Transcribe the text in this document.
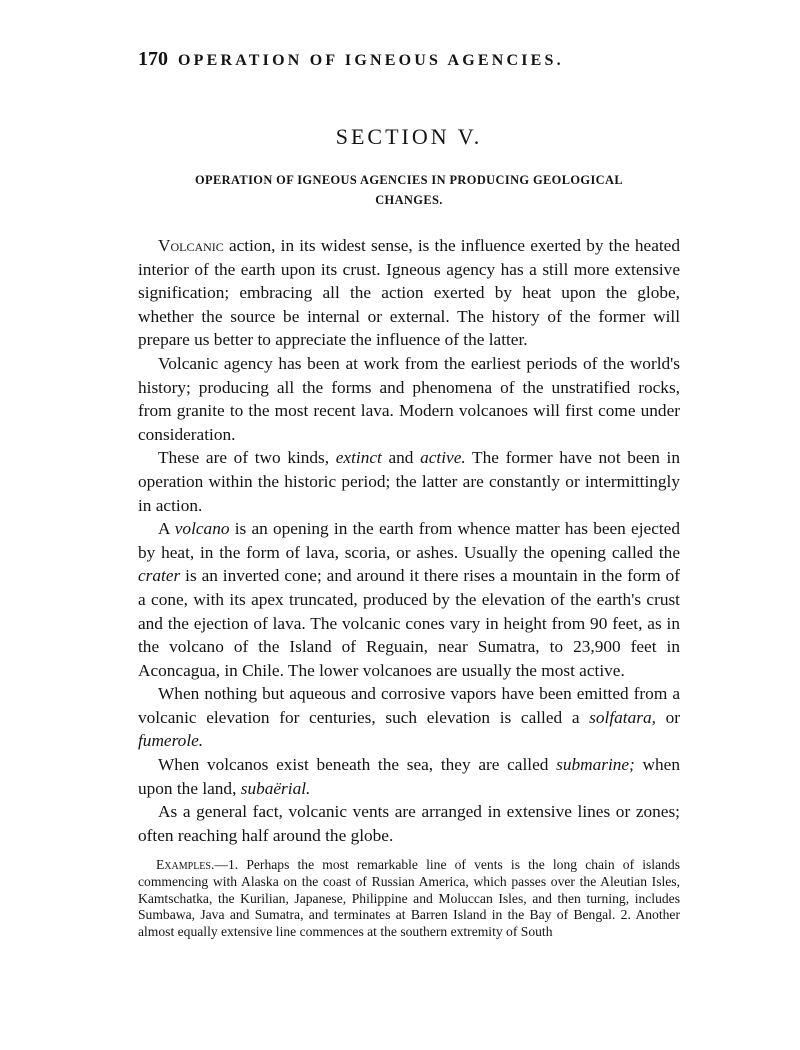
170 OPERATION OF IGNEOUS AGENCIES.
SECTION V.
OPERATION OF IGNEOUS AGENCIES IN PRODUCING GEOLOGICAL
CHANGES.

Volcanic action, in its widest sense, is the influence exerted by the heated interior of the earth upon its crust. Igneous agency has a still more extensive signification; embracing all the action exerted by heat upon the globe, whether the source be internal or external. The history of the former will prepare us better to appreciate the influence of the latter.

Volcanic agency has been at work from the earliest periods of the world's history; producing all the forms and phenomena of the unstratified rocks, from granite to the most recent lava. Modern volcanoes will first come under consideration.

These are of two kinds, extinct and active. The former have not been in operation within the historic period; the latter are constantly or intermittingly in action.

A volcano is an opening in the earth from whence matter has been ejected by heat, in the form of lava, scoria, or ashes. Usually the opening called the crater is an inverted cone; and around it there rises a mountain in the form of a cone, with its apex truncated, produced by the elevation of the earth's crust and the ejection of lava. The volcanic cones vary in height from 90 feet, as in the volcano of the Island of Reguain, near Sumatra, to 23,900 feet in Aconcagua, in Chile. The lower volcanoes are usually the most active.

When nothing but aqueous and corrosive vapors have been emitted from a volcanic elevation for centuries, such elevation is called a solfatara, or fumerole.

When volcanos exist beneath the sea, they are called submarine; when upon the land, subaërial.

As a general fact, volcanic vents are arranged in extensive lines or zones; often reaching half around the globe.

Examples.—1. Perhaps the most remarkable line of vents is the long chain of islands commencing with Alaska on the coast of Russian America, which passes over the Aleutian Isles, Kamtschatka, the Kurilian, Japanese, Philippine and Moluccan Isles, and then turning, includes Sumbawa, Java and Sumatra, and terminates at Barren Island in the Bay of Bengal. 2. Another almost equally extensive line commences at the southern extremity of South
